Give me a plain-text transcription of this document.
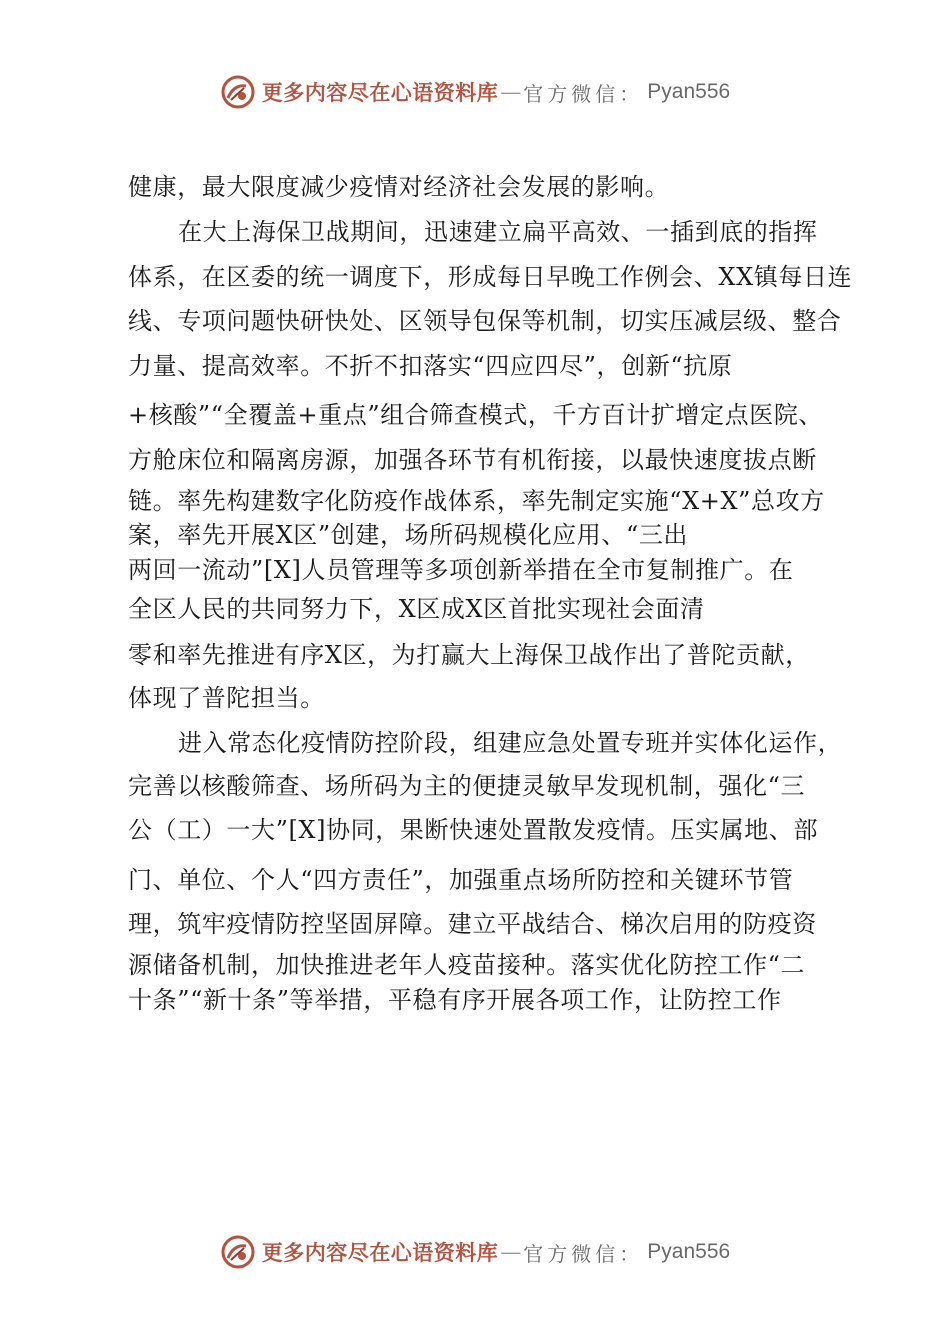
更多内容尽在心语资料库 — 官方微信： Pyan556
健康，最大限度减少疫情对经济社会发展的影响。
在大上海保卫战期间，迅速建立扁平高效、一插到底的指挥
体系，在区委的统一调度下，形成每日早晚工作例会、XX镇每日连
线、专项问题快研快处、区领导包保等机制，切实压减层级、整合
力量、提高效率。不折不扣落实“四应四尽”，创新“抗原
+核酸”“全覆盖+重点”组合筛查模式，千方百计扩增定点医院、
方舱床位和隔离房源，加强各环节有机衔接，以最快速度拔点断
链。率先构建数字化防疫作战体系，率先制定实施“X+X”总攻方
案，率先开展X区”创建，场所码规模化应用、“三出
两回一流动”[X]人员管理等多项创新举措在全市复制推广。在
全区人民的共同努力下，X区成X区首批实现社会面清
零和率先推进有序X区，为打赢大上海保卫战作出了普陀贡献，
体现了普陀担当。
进入常态化疫情防控阶段，组建应急处置专班并实体化运作，
完善以核酸筛查、场所码为主的便捷灵敏早发现机制，强化“三
公（工）一大”[X]协同，果断快速处置散发疫情。压实属地、部
门、单位、个人“四方责任”，加强重点场所防控和关键环节管
理，筑牢疫情防控坚固屏障。建立平战结合、梯次启用的防疫资
源储备机制，加快推进老年人疫苗接种。落实优化防控工作“二
十条”“新十条”等举措，平稳有序开展各项工作，让防控工作
更多内容尽在心语资料库 — 官方微信： Pyan556
